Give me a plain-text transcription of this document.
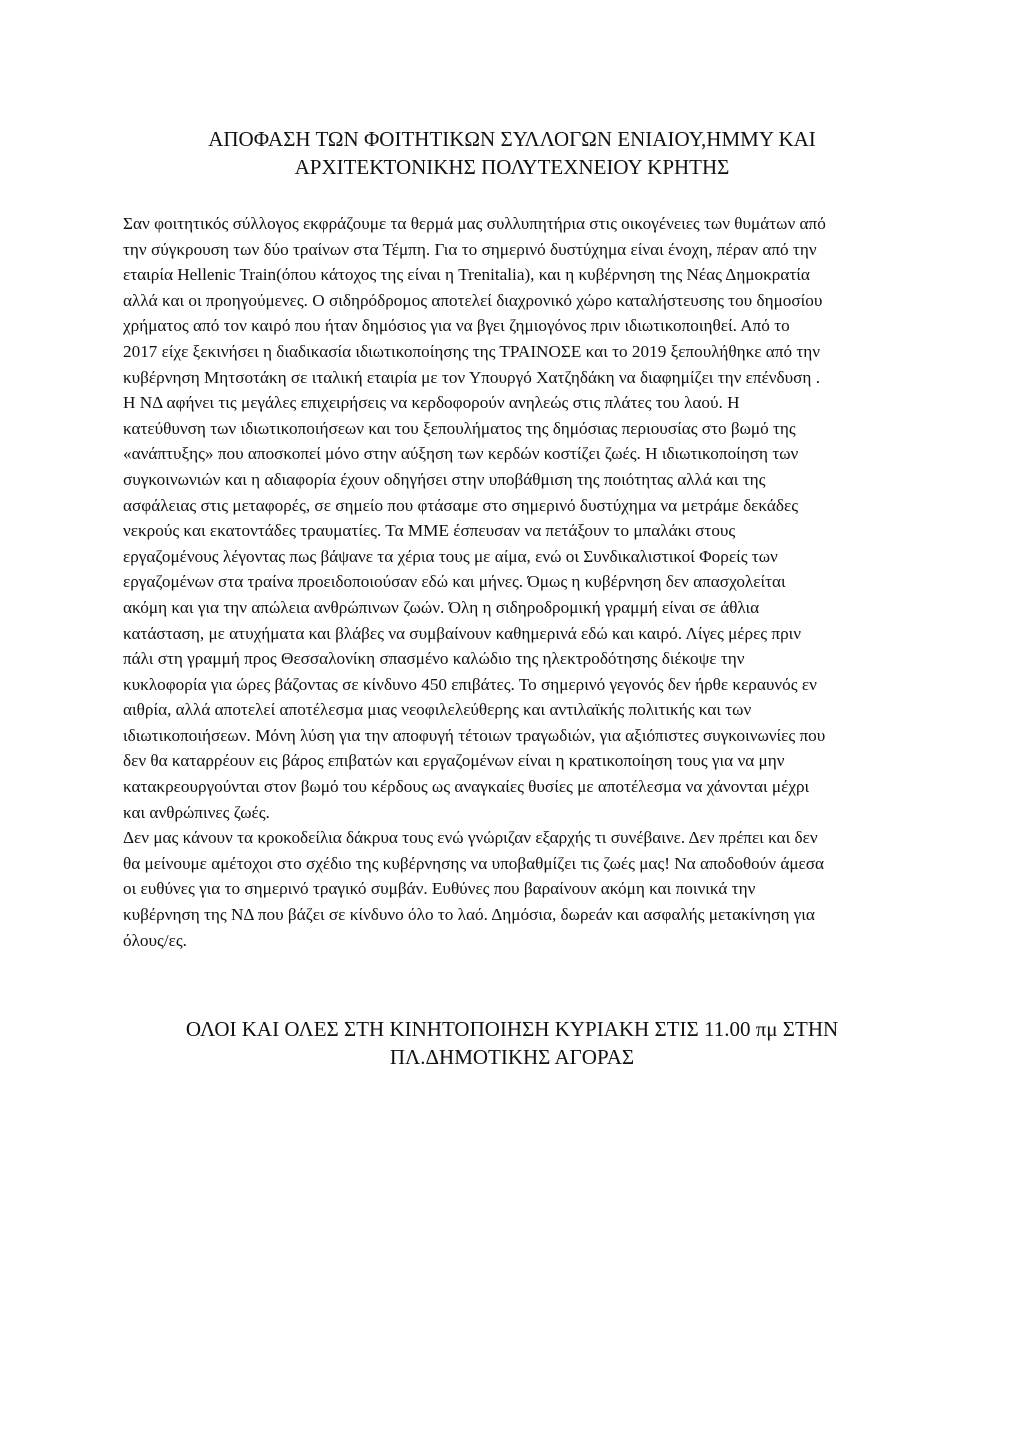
ΑΠΟΦΑΣΗ ΤΩΝ ΦΟΙΤΗΤΙΚΩΝ ΣΥΛΛΟΓΩΝ ΕΝΙΑΙΟΥ,ΗΜΜΥ ΚΑΙ
ΑΡΧΙΤΕΚΤΟΝΙΚΗΣ ΠΟΛΥΤΕΧΝΕΙΟΥ ΚΡΗΤΗΣ
Σαν φοιτητικός σύλλογος εκφράζουμε τα θερμά μας συλλυπητήρια στις οικογένειες των θυμάτων από
την σύγκρουση των δύο τραίνων στα Τέμπη. Για το σημερινό δυστύχημα είναι ένοχη, πέραν από την
εταιρία Hellenic Train(όπου κάτοχος της είναι η Trenitalia), και η κυβέρνηση της Νέας Δημοκρατία
αλλά και οι προηγούμενες. Ο σιδηρόδρομος αποτελεί διαχρονικό χώρο καταλήστευσης του δημοσίου
χρήματος από τον καιρό που ήταν δημόσιος για να βγει ζημιογόνος πριν ιδιωτικοποιηθεί. Από το
2017 είχε ξεκινήσει η διαδικασία ιδιωτικοποίησης της ΤΡΑΙΝΟΣΕ και το 2019 ξεπουλήθηκε από την
κυβέρνηση Μητσοτάκη σε ιταλική εταιρία με τον Υπουργό Χατζηδάκη να διαφημίζει την επένδυση .
Η ΝΔ αφήνει τις μεγάλες επιχειρήσεις να κερδοφορούν ανηλεώς στις πλάτες του λαού. Η
κατεύθυνση των ιδιωτικοποιήσεων και του ξεπουλήματος της δημόσιας περιουσίας στο βωμό της
«ανάπτυξης» που αποσκοπεί μόνο στην αύξηση των κερδών κοστίζει ζωές. Η ιδιωτικοποίηση των
συγκοινωνιών και η αδιαφορία έχουν οδηγήσει στην υποβάθμιση της ποιότητας αλλά και της
ασφάλειας στις μεταφορές, σε σημείο που φτάσαμε στο σημερινό δυστύχημα να μετράμε δεκάδες
νεκρούς και εκατοντάδες τραυματίες. Τα ΜΜΕ έσπευσαν να πετάξουν το μπαλάκι στους
εργαζομένους λέγοντας πως βάψανε τα χέρια τους με αίμα, ενώ οι Συνδικαλιστικοί Φορείς των
εργαζομένων στα τραίνα προειδοποιούσαν εδώ και μήνες. Όμως η κυβέρνηση δεν απασχολείται
ακόμη και για την απώλεια ανθρώπινων ζωών. Όλη η σιδηροδρομική γραμμή είναι σε άθλια
κατάσταση, με ατυχήματα και βλάβες να συμβαίνουν καθημερινά εδώ και καιρό. Λίγες μέρες πριν
πάλι στη γραμμή προς Θεσσαλονίκη σπασμένο καλώδιο της ηλεκτροδότησης διέκοψε την
κυκλοφορία για ώρες βάζοντας σε κίνδυνο 450 επιβάτες. Το σημερινό γεγονός δεν ήρθε κεραυνός εν
αιθρία, αλλά αποτελεί αποτέλεσμα μιας νεοφιλελεύθερης και αντιλαϊκής πολιτικής και των
ιδιωτικοποιήσεων. Μόνη λύση για την αποφυγή τέτοιων τραγωδιών, για αξιόπιστες συγκοινωνίες που
δεν θα καταρρέουν εις βάρος επιβατών και εργαζομένων είναι η κρατικοποίηση τους για να μην
κατακρεουργούνται στον βωμό του κέρδους ως αναγκαίες θυσίες με αποτέλεσμα να χάνονται μέχρι
και ανθρώπινες ζωές.
Δεν μας κάνουν τα κροκοδείλια δάκρυα τους ενώ γνώριζαν εξαρχής τι συνέβαινε. Δεν πρέπει και δεν
θα μείνουμε αμέτοχοι στο σχέδιο της κυβέρνησης να υποβαθμίζει τις ζωές μας! Να αποδοθούν άμεσα
οι ευθύνες για το σημερινό τραγικό συμβάν. Ευθύνες που βαραίνουν ακόμη και ποινικά την
κυβέρνηση της ΝΔ που βάζει σε κίνδυνο όλο το λαό. Δημόσια, δωρεάν και ασφαλής μετακίνηση για
όλους/ες.
ΟΛΟΙ ΚΑΙ ΟΛΕΣ ΣΤΗ ΚΙΝΗΤΟΠΟΙΗΣΗ ΚΥΡΙΑΚΗ ΣΤΙΣ 11.00 πμ ΣΤΗΝ
ΠΛ.ΔΗΜΟΤΙΚΗΣ ΑΓΟΡΑΣ
